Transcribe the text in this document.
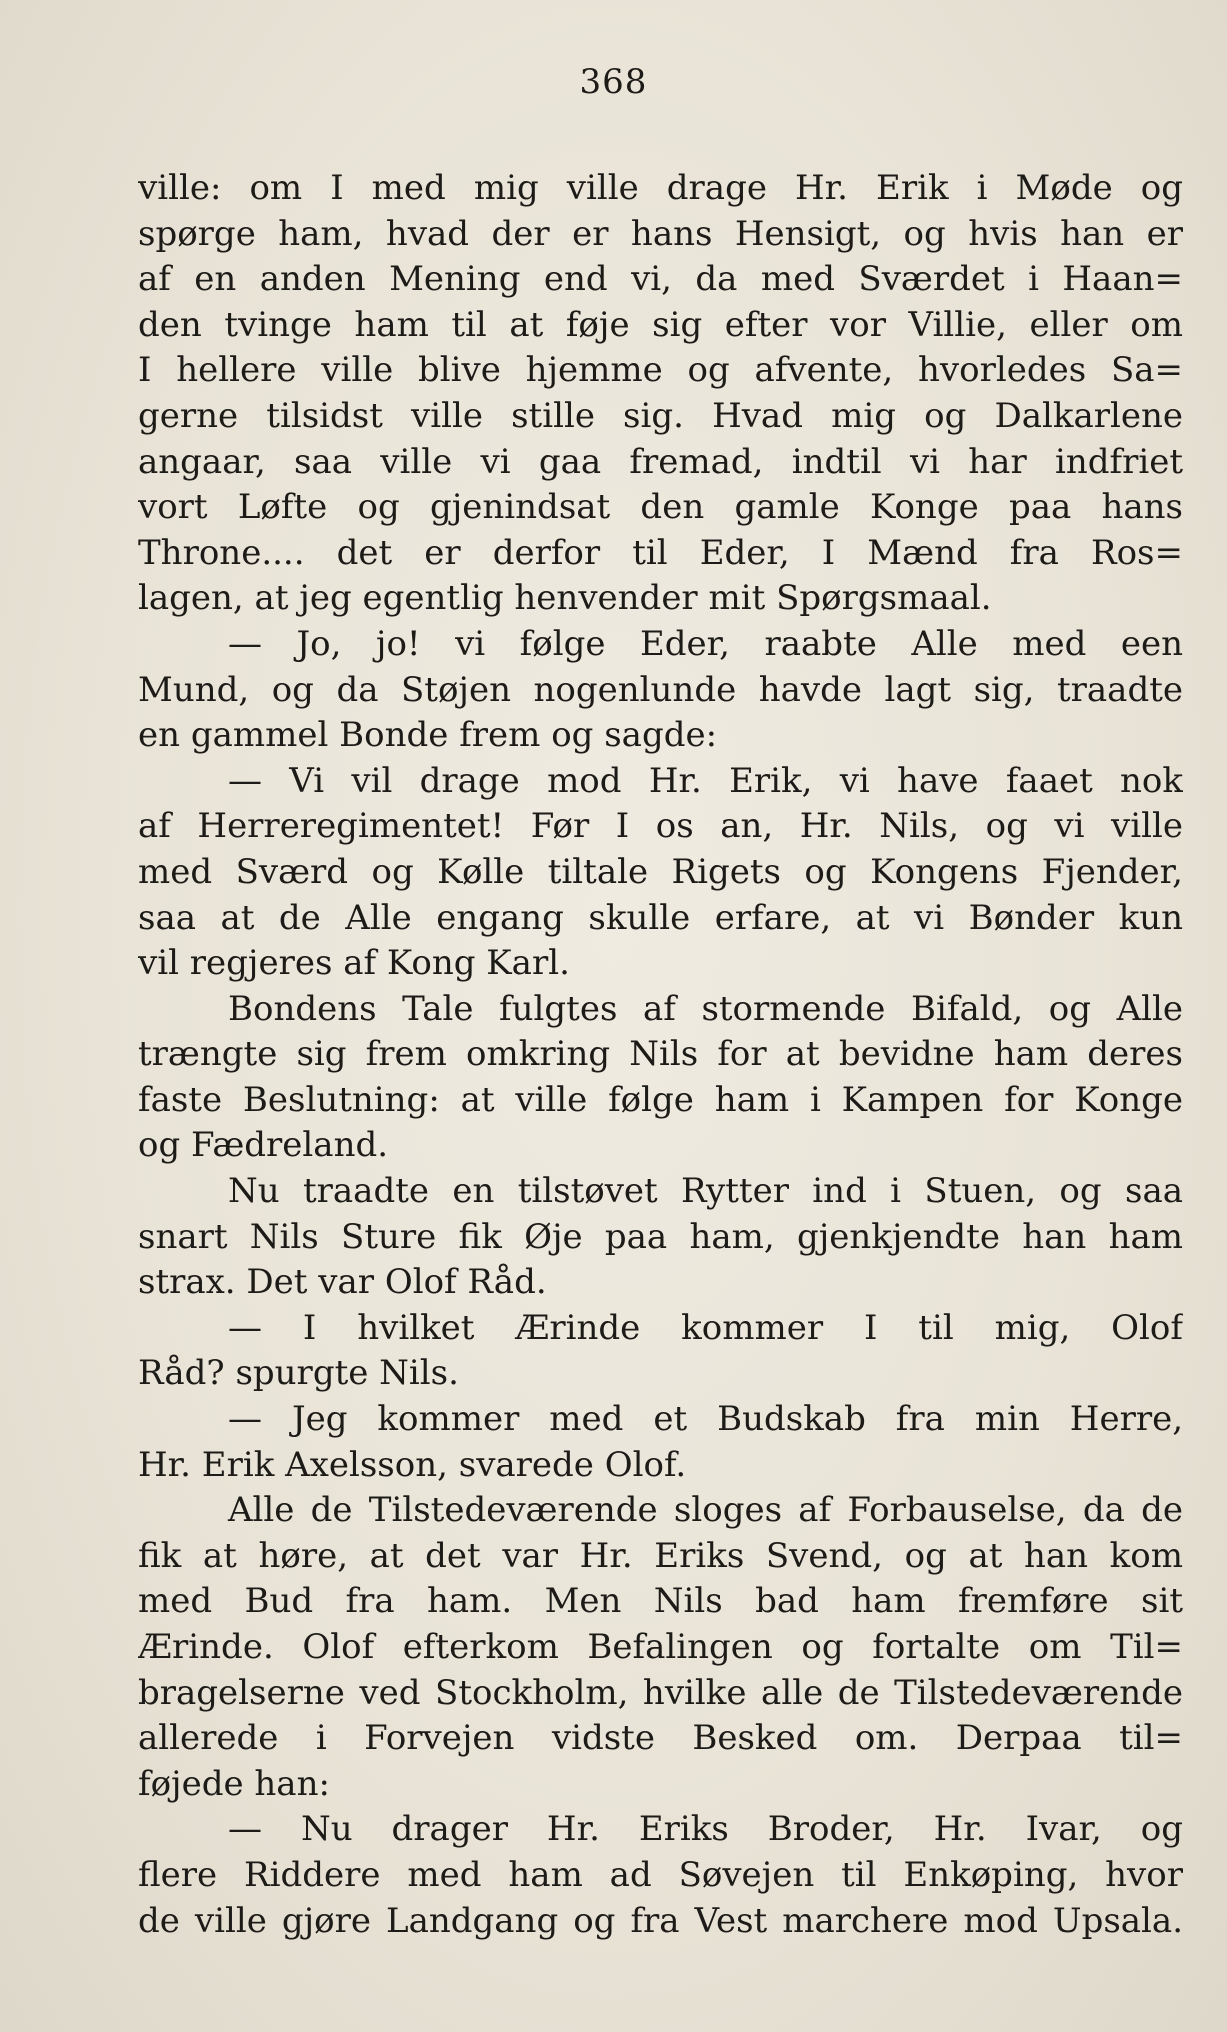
368
ville: om I med mig ville drage Hr. Erik i Møde og
spørge ham, hvad der er hans Hensigt, og hvis han er
af en anden Mening end vi, da med Sværdet i Haan=
den tvinge ham til at føje sig efter vor Villie, eller om
I hellere ville blive hjemme og afvente, hvorledes Sa=
gerne tilsidst ville stille sig. Hvad mig og Dalkarlene
angaar, saa ville vi gaa fremad, indtil vi har indfriet
vort Løfte og gjenindsat den gamle Konge paa hans
Throne.... det er derfor til Eder, I Mænd fra Ros=
lagen, at jeg egentlig henvender mit Spørgsmaal.
— Jo, jo! vi følge Eder, raabte Alle med een
Mund, og da Støjen nogenlunde havde lagt sig, traadte
en gammel Bonde frem og sagde:
— Vi vil drage mod Hr. Erik, vi have faaet nok
af Herreregimentet! Før I os an, Hr. Nils, og vi ville
med Sværd og Kølle tiltale Rigets og Kongens Fjender,
saa at de Alle engang skulle erfare, at vi Bønder kun
vil regjeres af Kong Karl.
Bondens Tale fulgtes af stormende Bifald, og Alle
trængte sig frem omkring Nils for at bevidne ham deres
faste Beslutning: at ville følge ham i Kampen for Konge
og Fædreland.
Nu traadte en tilstøvet Rytter ind i Stuen, og saa
snart Nils Sture fik Øje paa ham, gjenkjendte han ham
strax. Det var Olof Råd.
— I hvilket Ærinde kommer I til mig, Olof
Råd? spurgte Nils.
— Jeg kommer med et Budskab fra min Herre,
Hr. Erik Axelsson, svarede Olof.
Alle de Tilstedeværende sloges af Forbauselse, da de
fik at høre, at det var Hr. Eriks Svend, og at han kom
med Bud fra ham. Men Nils bad ham fremføre sit
Ærinde. Olof efterkom Befalingen og fortalte om Til=
bragelserne ved Stockholm, hvilke alle de Tilstedeværende
allerede i Forvejen vidste Besked om. Derpaa til=
føjede han:
— Nu drager Hr. Eriks Broder, Hr. Ivar, og
flere Riddere med ham ad Søvejen til Enkøping, hvor
de ville gjøre Landgang og fra Vest marchere mod Upsala.
